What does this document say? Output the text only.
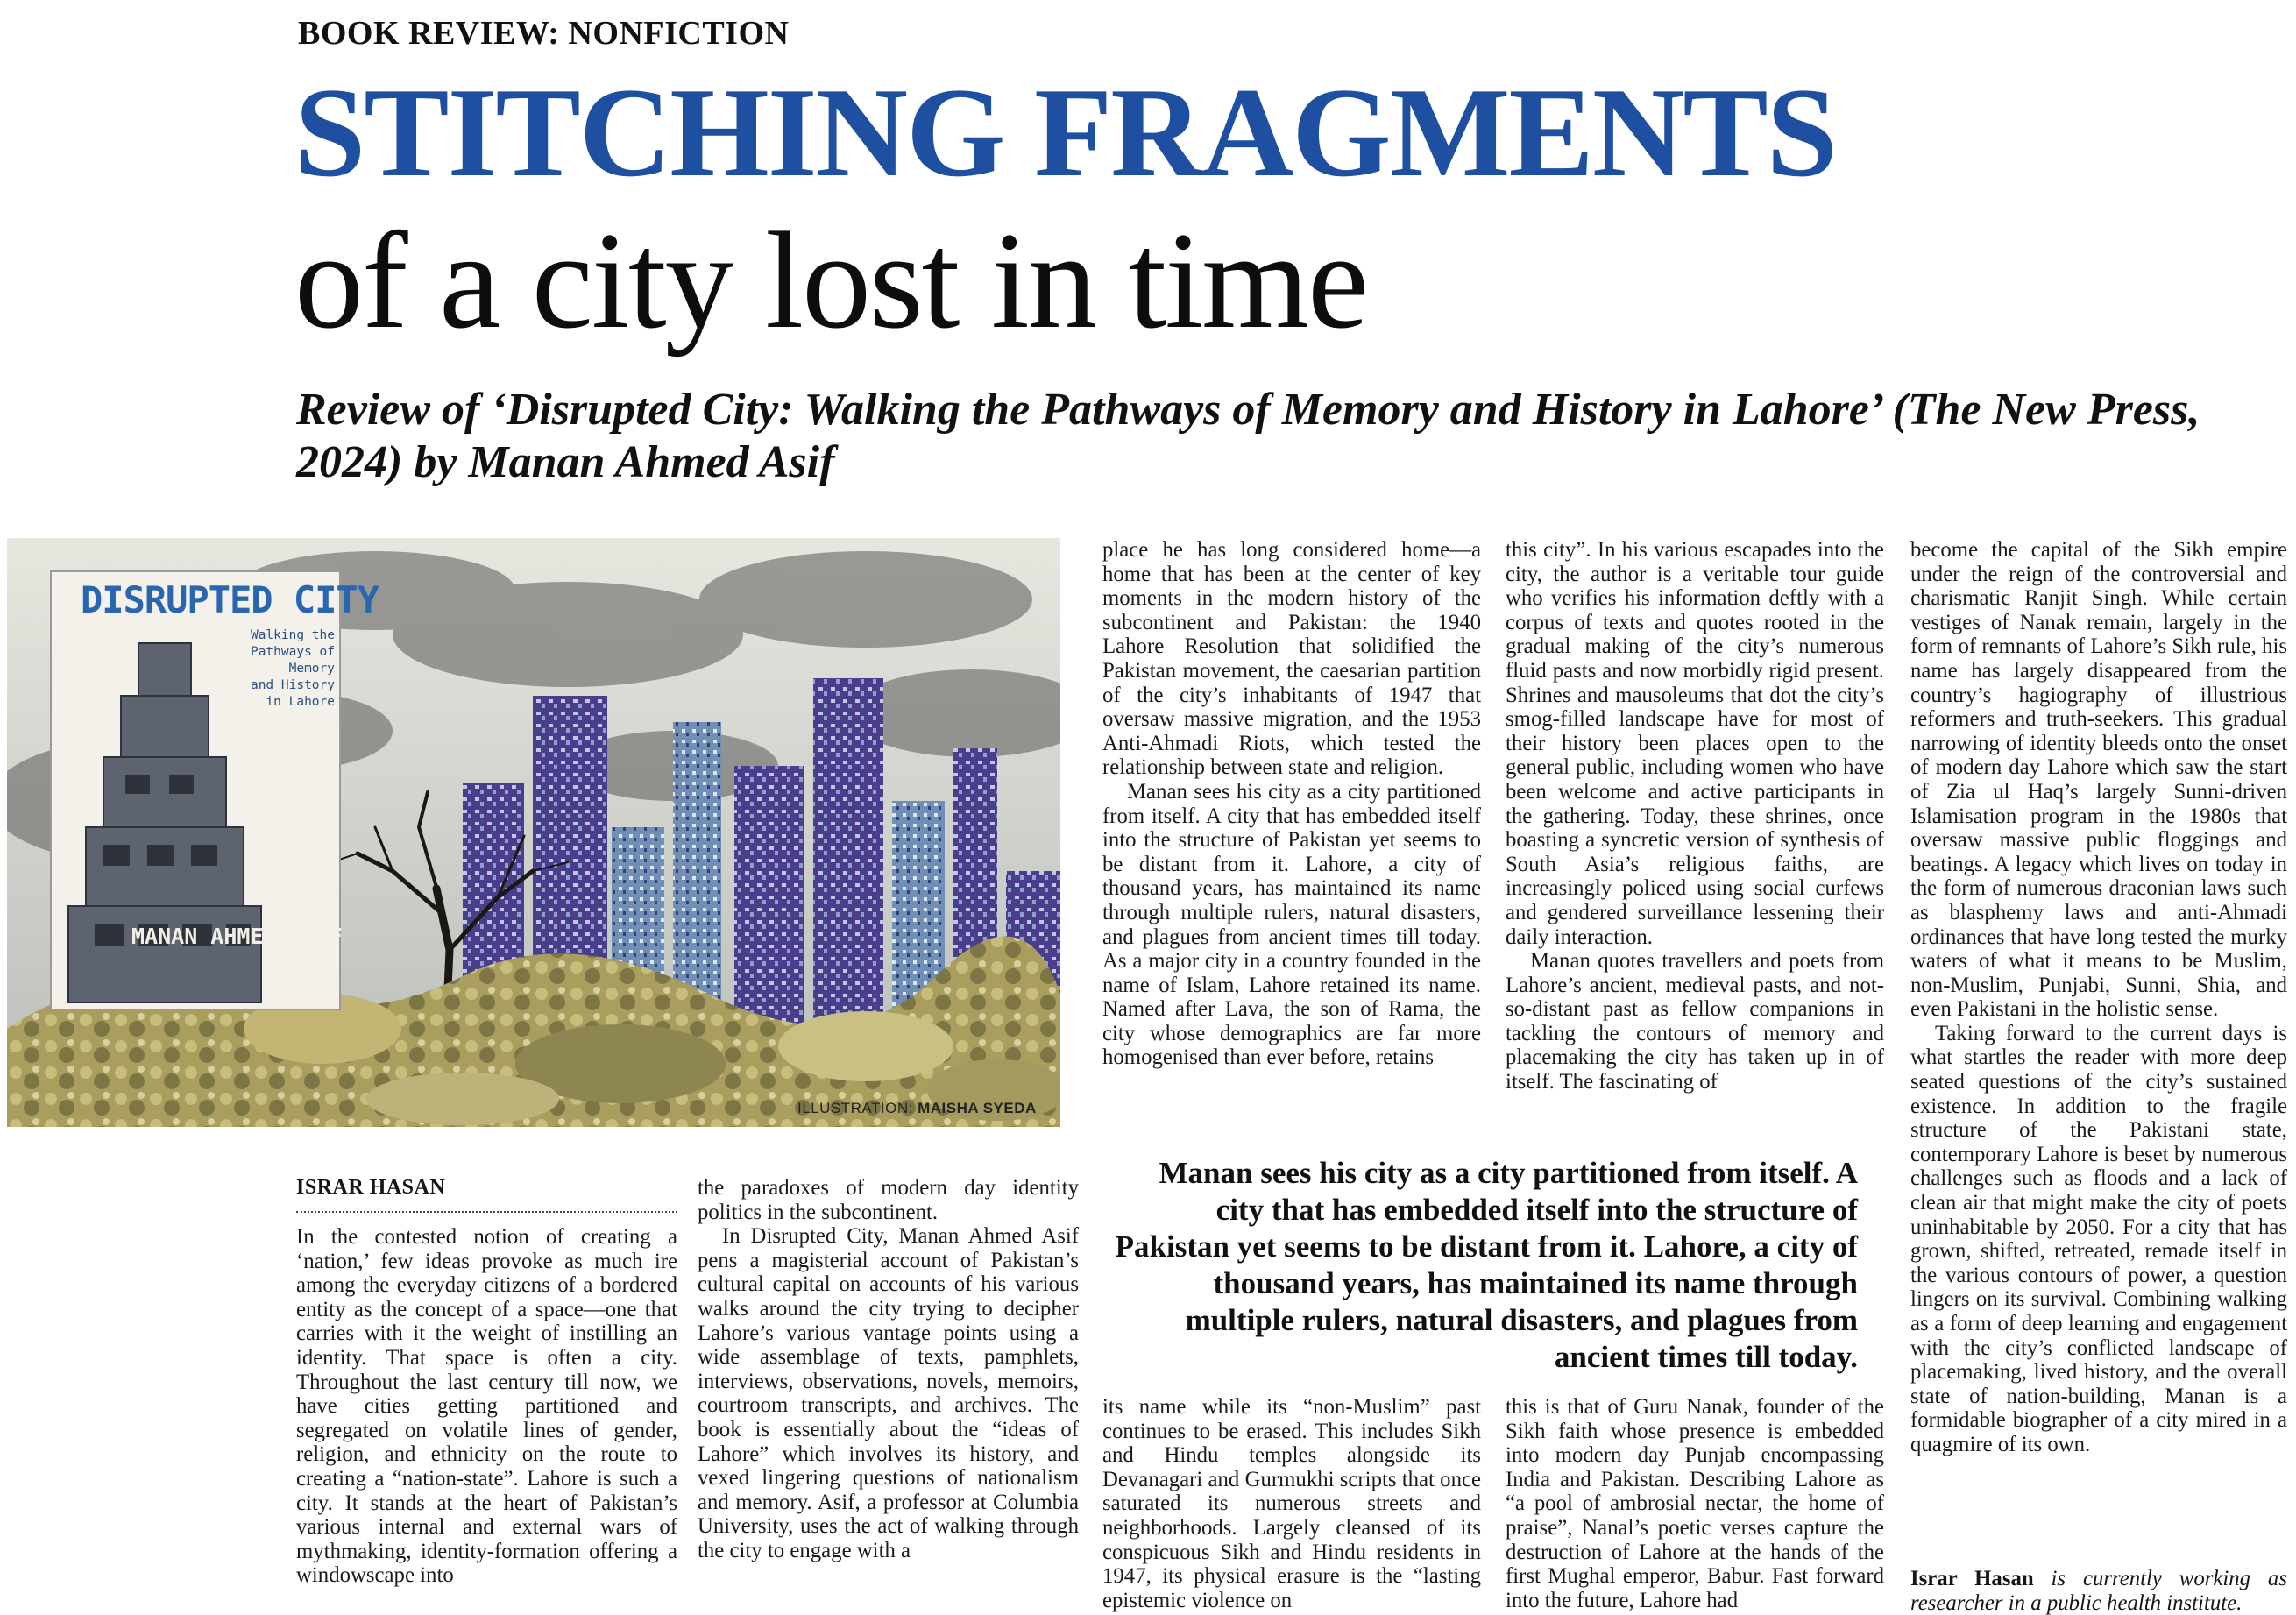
BOOK REVIEW: NONFICTION
STITCHING FRAGMENTS
of a city lost in time
Review of ‘Disrupted City: Walking the Pathways of Memory and History in Lahore’ (The New Press, 2024) by Manan Ahmed Asif
DISRUPTED CITY
Walking the
Pathways of
Memory
and History
in Lahore
MANAN AHMED ASIF
ILLUSTRATION: MAISHA SYEDA
ISRAR HASAN

In the contested notion of creating a ‘nation,’ few ideas provoke as much ire among the everyday citizens of a bordered entity as the concept of a space—one that carries with it the weight of instilling an identity. That space is often a city. Throughout the last century till now, we have cities getting partitioned and segregated on volatile lines of gender, religion, and ethnicity on the route to creating a “nation-state”. Lahore is such a city. It stands at the heart of Pakistan’s various internal and external wars of mythmaking, identity-formation offering a windowscape into

the paradoxes of modern day identity politics in the subcontinent.

In Disrupted City, Manan Ahmed Asif pens a magisterial account of Pakistan’s cultural capital on accounts of his various walks around the city trying to decipher Lahore’s various vantage points using a wide assemblage of texts, pamphlets, interviews, observations, novels, memoirs, courtroom transcripts, and archives. The book is essentially about the “ideas of Lahore” which involves its history, and vexed lingering questions of nationalism and memory. Asif, a professor at Columbia University, uses the act of walking through the city to engage with a

place he has long considered home—a home that has been at the center of key moments in the modern history of the subcontinent and Pakistan: the 1940 Lahore Resolution that solidified the Pakistan movement, the caesarian partition of the city’s inhabitants of 1947 that oversaw massive migration, and the 1953 Anti-Ahmadi Riots, which tested the relationship between state and religion.

Manan sees his city as a city partitioned from itself. A city that has embedded itself into the structure of Pakistan yet seems to be distant from it. Lahore, a city of thousand years, has maintained its name through multiple rulers, natural disasters, and plagues from ancient times till today. As a major city in a country founded in the name of Islam, Lahore retained its name. Named after Lava, the son of Rama, the city whose demographics are far more homogenised than ever before, retains

this city”. In his various escapades into the city, the author is a veritable tour guide who verifies his information deftly with a corpus of texts and quotes rooted in the gradual making of the city’s numerous fluid pasts and now morbidly rigid present. Shrines and mausoleums that dot the city’s smog-filled landscape have for most of their history been places open to the general public, including women who have been welcome and active participants in the gathering. Today, these shrines, once boasting a syncretic version of synthesis of South Asia’s religious faiths, are increasingly policed using social curfews and gendered surveillance lessening their daily interaction.

Manan quotes travellers and poets from Lahore’s ancient, medieval pasts, and not-so-distant past as fellow companions in tackling the contours of memory and placemaking the city has taken up in of itself. The fascinating of

Manan sees his city as a city partitioned from itself. A city that has embedded itself into the structure of Pakistan yet seems to be distant from it. Lahore, a city of thousand years, has maintained its name through multiple rulers, natural disasters, and plagues from ancient times till today.

its name while its “non-Muslim” past continues to be erased. This includes Sikh and Hindu temples alongside its Devanagari and Gurmukhi scripts that once saturated its numerous streets and neighborhoods. Largely cleansed of its conspicuous Sikh and Hindu residents in 1947, its physical erasure is the “lasting epistemic violence on

this is that of Guru Nanak, founder of the Sikh faith whose presence is embedded into modern day Punjab encompassing India and Pakistan. Describing Lahore as “a pool of ambrosial nectar, the home of praise”, Nanal’s poetic verses capture the destruction of Lahore at the hands of the first Mughal emperor, Babur. Fast forward into the future, Lahore had

become the capital of the Sikh empire under the reign of the controversial and charismatic Ranjit Singh. While certain vestiges of Nanak remain, largely in the form of remnants of Lahore’s Sikh rule, his name has largely disappeared from the country’s hagiography of illustrious reformers and truth-seekers. This gradual narrowing of identity bleeds onto the onset of modern day Lahore which saw the start of Zia ul Haq’s largely Sunni-driven Islamisation program in the 1980s that oversaw massive public floggings and beatings. A legacy which lives on today in the form of numerous draconian laws such as blasphemy laws and anti-Ahmadi ordinances that have long tested the murky waters of what it means to be Muslim, non-Muslim, Punjabi, Sunni, Shia, and even Pakistani in the holistic sense.

Taking forward to the current days is what startles the reader with more deep seated questions of the city’s sustained existence. In addition to the fragile structure of the Pakistani state, contemporary Lahore is beset by numerous challenges such as floods and a lack of clean air that might make the city of poets uninhabitable by 2050. For a city that has grown, shifted, retreated, remade itself in the various contours of power, a question lingers on its survival. Combining walking as a form of deep learning and engagement with the city’s conflicted landscape of placemaking, lived history, and the overall state of nation-building, Manan is a formidable biographer of a city mired in a quagmire of its own.

Israr Hasan is currently working as researcher in a public health institute.
